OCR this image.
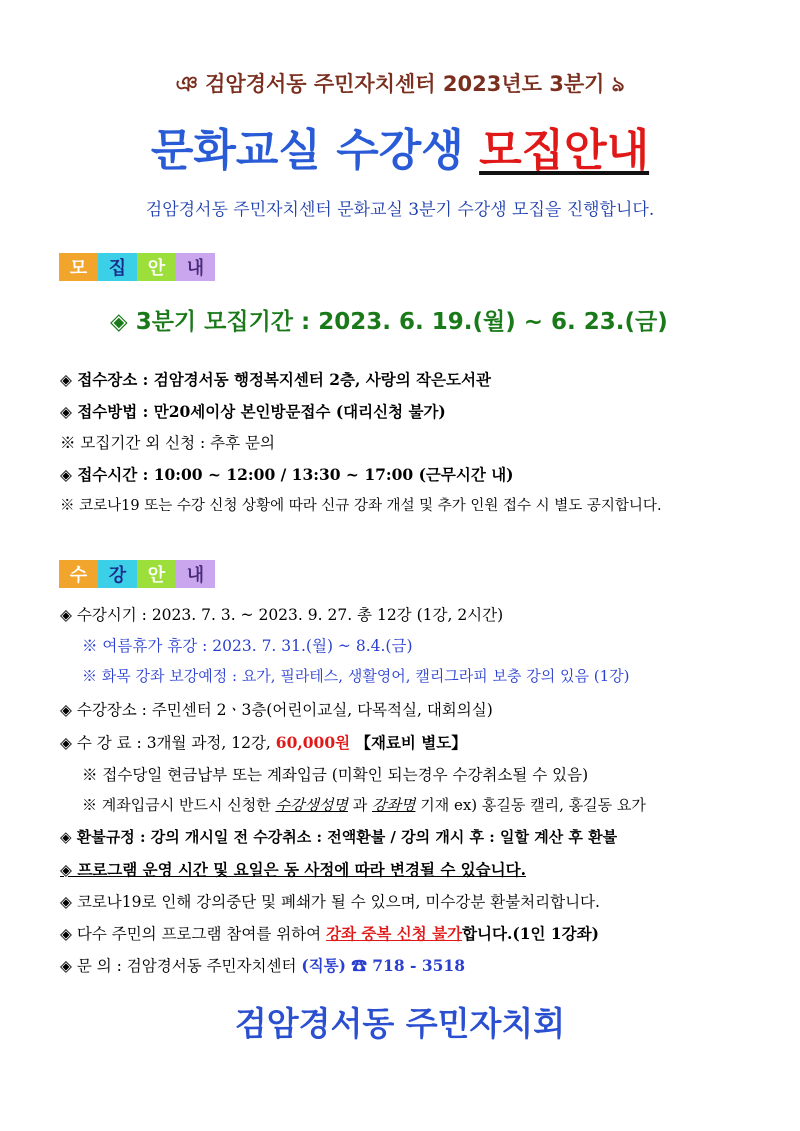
ঞ 검암경서동 주민자치센터 2023년도 3분기 ঌ
문화교실 수강생 모집안내
검암경서동 주민자치센터 문화교실 3분기 수강생 모집을 진행합니다.
모 집 안 내
◈ 3분기 모집기간 : 2023. 6. 19.(월) ~ 6. 23.(금)
◈ 접수장소 : 검암경서동 행정복지센터 2층, 사랑의 작은도서관
◈ 접수방법 : 만20세이상 본인방문접수 (대리신청 불가)
※ 모집기간 외 신청 : 추후 문의
◈ 접수시간 : 10:00 ~ 12:00 / 13:30 ~ 17:00 (근무시간 내)
※ 코로나19 또는 수강 신청 상황에 따라 신규 강좌 개설 및 추가 인원 접수 시 별도 공지합니다.
수 강 안 내
◈ 수강시기 : 2023. 7. 3. ~ 2023. 9. 27. 총 12강 (1강, 2시간)
※ 여름휴가 휴강 : 2023. 7. 31.(월) ~ 8.4.(금)
※ 화목 강좌 보강예정 : 요가, 필라테스, 생활영어, 캘리그라피 보충 강의 있음 (1강)
◈ 수강장소 : 주민센터 2ㆍ3층(어린이교실, 다목적실, 대회의실)
◈ 수 강 료 : 3개월 과정, 12강, 60,000원 【재료비 별도】
※ 접수당일 현금납부 또는 계좌입금 (미확인 되는경우 수강취소될 수 있음)
※ 계좌입금시 반드시 신청한 수강생성명 과 강좌명 기재 ex) 홍길동 캘리, 홍길동 요가
◈ 환불규정 : 강의 개시일 전 수강취소 : 전액환불 / 강의 개시 후 : 일할 계산 후 환불
◈ 프로그램 운영 시간 및 요일은 동 사정에 따라 변경될 수 있습니다.
◈ 코로나19로 인해 강의중단 및 폐쇄가 될 수 있으며, 미수강분 환불처리합니다.
◈ 다수 주민의 프로그램 참여를 위하여 강좌 중복 신청 불가합니다.(1인 1강좌)
◈ 문 의 : 검암경서동 주민자치센터 (직통) ☎ 718 - 3518
검암경서동 주민자치회
